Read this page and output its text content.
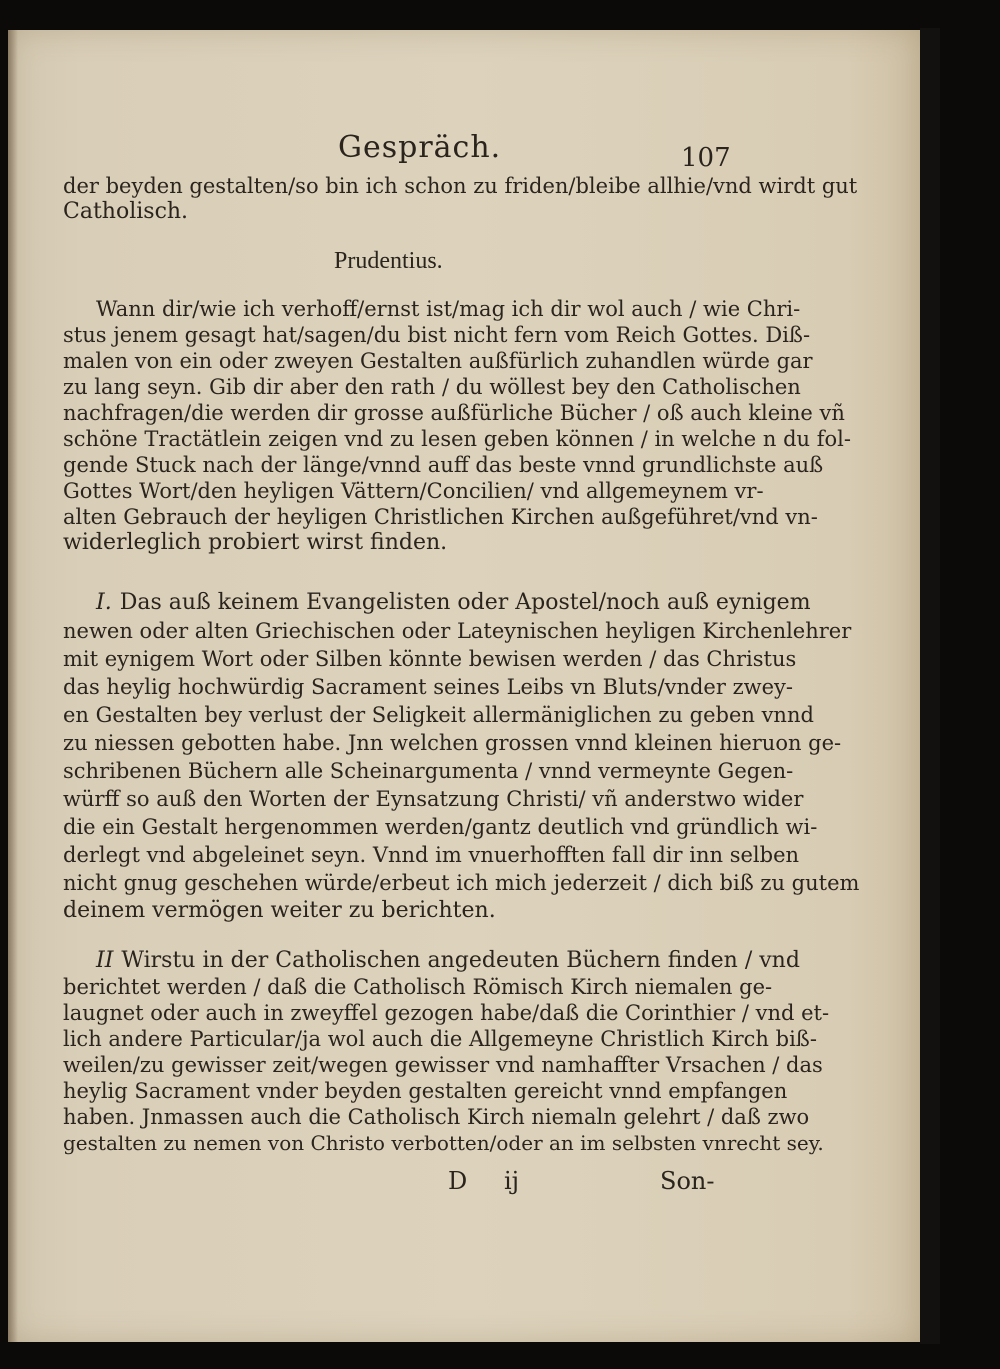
Gespräch.	107
der beyden gestalten/so bin ich schon zu friden/bleibe allhie/vnd wirdt gut
Catholisch.
Prudentius.
Wann dir/wie ich verhoff/ernst ist/mag ich dir wol auch / wie Chri-
stus jenem gesagt hat/sagen/du bist nicht fern vom Reich Gottes. Diß-
malen von ein oder zweyen Gestalten außfürlich zuhandlen würde gar
zu lang seyn. Gib dir aber den rath / du wöllest bey den Catholischen
nachfragen/die werden dir grosse außfürliche Bücher / oß auch kleine vñ
schöne Tractätlein zeigen vnd zu lesen geben können / in welche n du fol-
gende Stuck nach der länge/vnnd auff das beste vnnd grundlichste auß
Gottes Wort/den heyligen Vättern/Concilien/ vnd allgemeynem vr-
alten Gebrauch der heyligen Christlichen Kirchen außgeführet/vnd vn-
widerleglich probiert wirst finden.
I. Das auß keinem Evangelisten oder Apostel/noch auß eynigem
newen oder alten Griechischen oder Lateynischen heyligen Kirchenlehrer
mit eynigem Wort oder Silben könnte bewisen werden / das Christus
das heylig hochwürdig Sacrament seines Leibs vn Bluts/vnder zwey-
en Gestalten bey verlust der Seligkeit allermäniglichen zu geben vnnd
zu niessen gebotten habe. Jnn welchen grossen vnnd kleinen hieruon ge-
schribenen Büchern alle Scheinargumenta / vnnd vermeynte Gegen-
würff so auß den Worten der Eynsatzung Christi/ vñ anderstwo wider
die ein Gestalt hergenommen werden/gantz deutlich vnd gründlich wi-
derlegt vnd abgeleinet seyn. Vnnd im vnuerhofften fall dir inn selben
nicht gnug geschehen würde/erbeut ich mich jederzeit / dich biß zu gutem
deinem vermögen weiter zu berichten.
II Wirstu in der Catholischen angedeuten Büchern finden / vnd
berichtet werden / daß die Catholisch Römisch Kirch niemalen ge-
laugnet oder auch in zweyffel gezogen habe/daß die Corinthier / vnd et-
lich andere Particular/ja wol auch die Allgemeyne Christlich Kirch biß-
weilen/zu gewisser zeit/wegen gewisser vnd namhaffter Vrsachen / das
heylig Sacrament vnder beyden gestalten gereicht vnnd empfangen
haben. Jnmassen auch die Catholisch Kirch niemaln gelehrt / daß zwo
gestalten zu nemen von Christo verbotten/oder an im selbsten vnrecht sey.
D ij	Son-
